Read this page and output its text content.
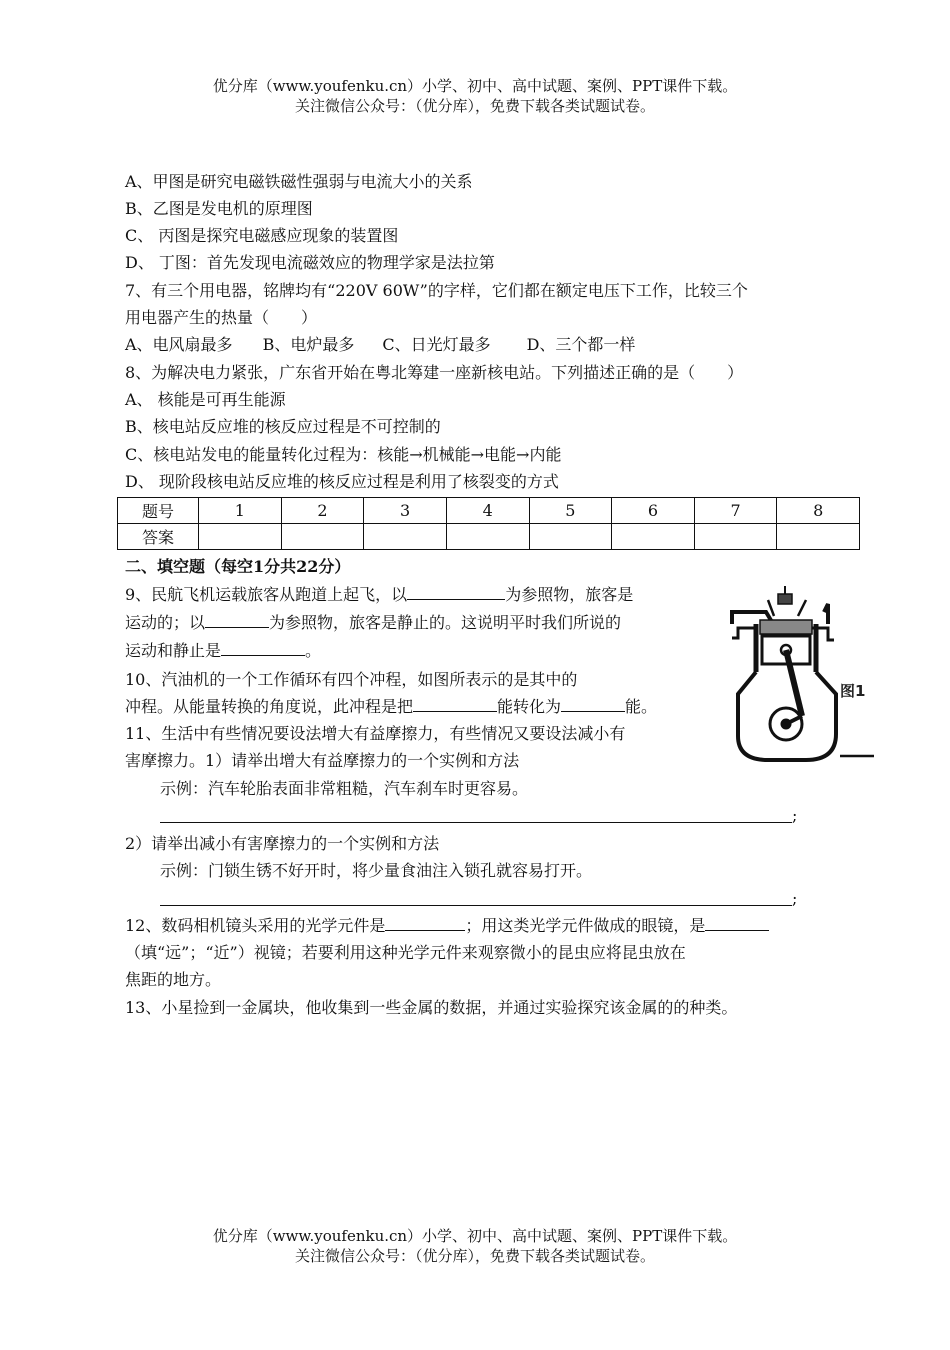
优分库（www.youfenku.cn）小学、初中、高中试题、案例、PPT课件下载。
关注微信公众号：（优分库），免费下载各类试题试卷。
A、甲图是研究电磁铁磁性强弱与电流大小的关系
B、乙图是发电机的原理图
C、 丙图是探究电磁感应现象的装置图
D、 丁图：首先发现电流磁效应的物理学家是法拉第
7、有三个用电器，铭牌均有“220V 60W”的字样，它们都在额定电压下工作，比较三个
用电器产生的热量（　　）
A、电风扇最多 B、电炉最多 C、日光灯最多 D、三个都一样
8、为解决电力紧张，广东省开始在粤北筹建一座新核电站。下列描述正确的是（　　）
A、 核能是可再生能源
B、核电站反应堆的核反应过程是不可控制的
C、核电站发电的能量转化过程为：核能→机械能→电能→内能
D、 现阶段核电站反应堆的核反应过程是利用了核裂变的方式
题号	1	2	3	4	5	6	7	8
答案								
二、填空题（每空1分共22分）
9、民航飞机运载旅客从跑道上起飞，以	为参照物，旅客是
运动的；以	为参照物，旅客是静止的。这说明平时我们所说的
运动和静止是	。
10、汽油机的一个工作循环有四个冲程，如图所表示的是其中的
冲程。从能量转换的角度说，此冲程是把	能转化为	能。
11、生活中有些情况要设法增大有益摩擦力，有些情况又要设法减小有
害摩擦力。1）请举出增大有益摩擦力的一个实例和方法
示例：汽车轮胎表面非常粗糙，汽车刹车时更容易。
;
2）请举出减小有害摩擦力的一个实例和方法
示例：门锁生锈不好开时，将少量食油注入锁孔就容易打开。
;
12、数码相机镜头采用的光学元件是	；用这类光学元件做成的眼镜，是
（填“远”；“近”）视镜；若要利用这种光学元件来观察微小的昆虫应将昆虫放在
焦距的地方。
13、小星捡到一金属块，他收集到一些金属的数据，并通过实验探究该金属的的种类。
图1
优分库（www.youfenku.cn）小学、初中、高中试题、案例、PPT课件下载。
关注微信公众号：（优分库），免费下载各类试题试卷。
